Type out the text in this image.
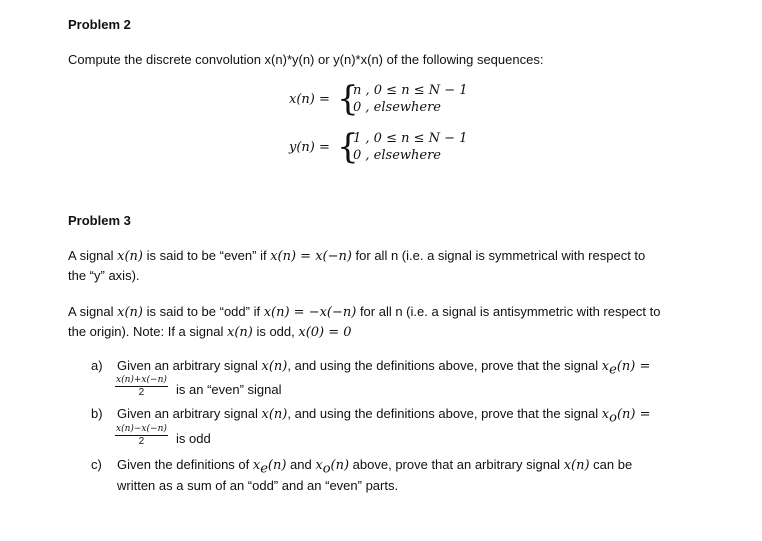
Problem 2
Compute the discrete convolution x(n)*y(n) or y(n)*x(n) of the following sequences:
x(n) = {
n , 0 ≤ n ≤ N − 1
0 , elsewhere
y(n) = {
1 , 0 ≤ n ≤ N − 1
0 , elsewhere
Problem 3
A signal x(n) is said to be “even” if x(n) = x(−n) for all n (i.e. a signal is symmetrical with respect to
the “y” axis).
A signal x(n) is said to be “odd” if x(n) = −x(−n) for all n (i.e. a signal is antisymmetric with respect to
the origin). Note: If a signal x(n) is odd, x(0) = 0
a) Given an arbitrary signal x(n), and using the definitions above, prove that the signal $x_e(n)$ =
$\frac{x(n)+x(-n)}{2}$ is an “even” signal
b) Given an arbitrary signal x(n), and using the definitions above, prove that the signal $x_o(n)$ =
$\frac{x(n)-x(-n)}{2}$ is odd
c) Given the definitions of $x_e(n)$ and $x_o(n)$ above, prove that an arbitrary signal x(n) can be
written as a sum of an “odd” and an “even” parts.
